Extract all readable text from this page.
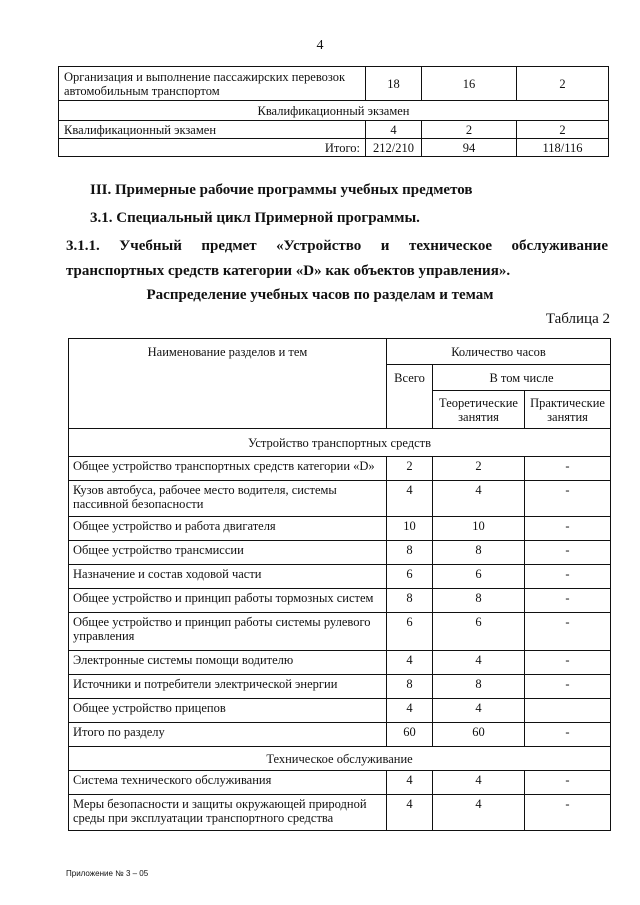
4
Организация и выполнение пассажирских перевозок автомобильным транспортом	18	16	2
Квалификационный экзамен			
Квалификационный экзамен	4	2	2
Итого:	212/210	94	118/116
III. Примерные рабочие программы учебных предметов
3.1. Специальный цикл Примерной программы.
3.1.1. Учебный предмет «Устройство и техническое обслуживание
транспортных средств категории «D» как объектов управления».
Распределение учебных часов по разделам и темам
Таблица 2
Наименование разделов и тем	Количество часов		
	Всего	В том числе	
		Теоретические занятия	Практические занятия
Устройство транспортных средств			
Общее устройство транспортных средств категории «D»	2	2	-
Кузов автобуса, рабочее место водителя, системы пассивной безопасности	4	4	-
Общее устройство и работа двигателя	10	10	-
Общее устройство трансмиссии	8	8	-
Назначение и состав ходовой части	6	6	-
Общее устройство и принцип работы тормозных систем	8	8	-
Общее устройство и принцип работы системы рулевого управления	6	6	-
Электронные системы помощи водителю	4	4	-
Источники и потребители электрической энергии	8	8	-
Общее устройство прицепов	4	4	
Итого по разделу	60	60	-
Техническое обслуживание			
Система технического обслуживания	4	4	-
Меры безопасности и защиты окружающей природной среды при эксплуатации транспортного средства	4	4	-
Приложение № 3 – 05
